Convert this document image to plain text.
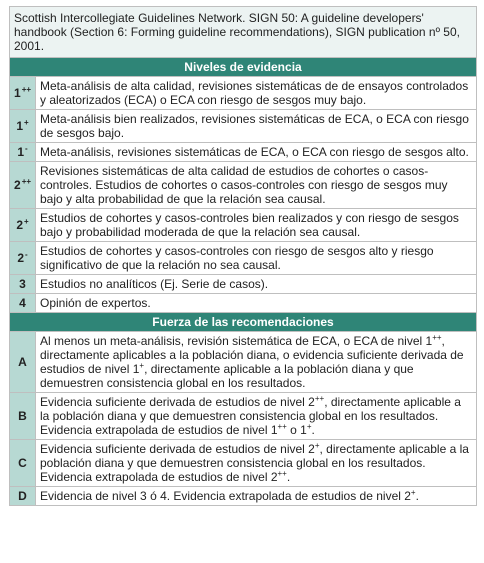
Scottish Intercollegiate Guidelines Network. SIGN 50: A guideline developers' handbook (Section 6: Forming guideline recommendations), SIGN publication nº 50, 2001.	
Niveles de evidencia	
1++	Meta-análisis de alta calidad, revisiones sistemáticas de de ensayos controlados y aleatorizados (ECA) o ECA con riesgo de sesgos muy bajo.
1+	Meta-análisis bien realizados, revisiones sistemáticas de ECA, o ECA con riesgo de sesgos bajo.
1-	Meta-análisis, revisiones sistemáticas de ECA, o ECA con riesgo de sesgos alto.
2++	Revisiones sistemáticas de alta calidad de estudios de cohortes o casos-controles. Estudios de cohortes o casos-controles con riesgo de sesgos muy bajo y alta probabilidad de que la relación sea causal.
2+	Estudios de cohortes y casos-controles bien realizados y con riesgo de sesgos bajo y probabilidad moderada de que la relación sea causal.
2-	Estudios de cohortes y casos-controles con riesgo de sesgos alto y riesgo significativo de que la relación no sea causal.
3	Estudios no analíticos (Ej. Serie de casos).
4	Opinión de expertos.
Fuerza de las recomendaciones	
A	Al menos un meta-análisis, revisión sistemática de ECA, o ECA de nivel 1++, directamente aplicables a la población diana, o evidencia suficiente derivada de estudios de nivel 1+, directamente aplicable a la población diana y que demuestren consistencia global en los resultados.
B	Evidencia suficiente derivada de estudios de nivel 2++, directamente aplicable a la población diana y que demuestren consistencia global en los resultados. Evidencia extrapolada de estudios de nivel 1++ o 1+.
C	Evidencia suficiente derivada de estudios de nivel 2+, directamente aplicable a la población diana y que demuestren consistencia global en los resultados. Evidencia extrapolada de estudios de nivel 2++.
D	Evidencia de nivel 3 ó 4. Evidencia extrapolada de estudios de nivel 2+.
